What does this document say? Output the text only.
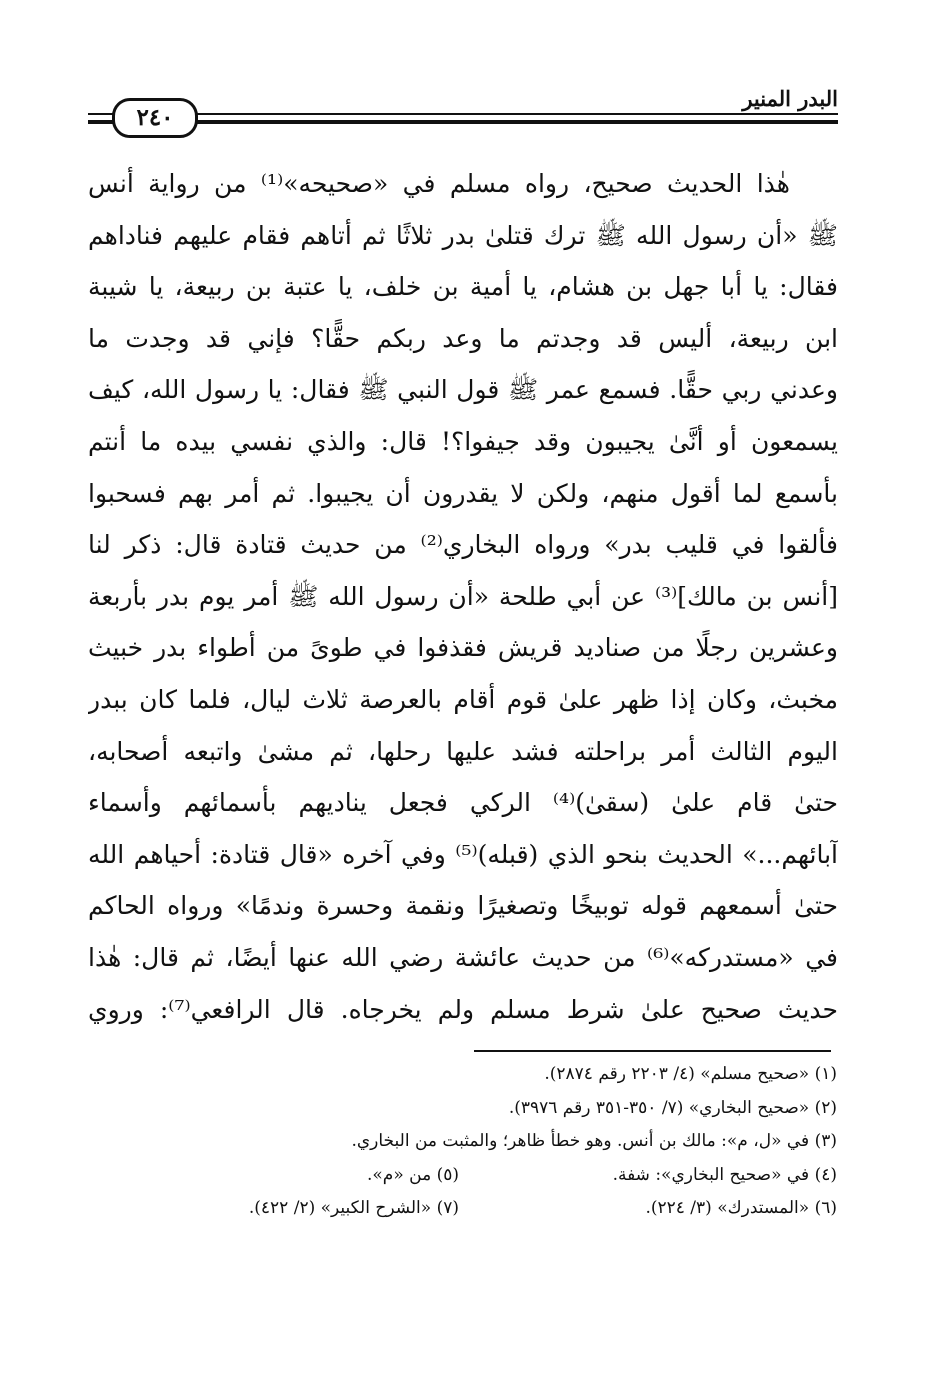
البدر المنير
٢٤٠
هٰذا الحديث صحيح، رواه مسلم في «صحيحه»⁽¹⁾ من رواية أنس
ﷺ «أن رسول الله ﷺ ترك قتلىٰ بدر ثلاثًا ثم أتاهم فقام عليهم فناداهم
فقال: يا أبا جهل بن هشام، يا أمية بن خلف، يا عتبة بن ربيعة، يا شيبة
ابن ربيعة، أليس قد وجدتم ما وعد ربكم حقًّا؟ فإني قد وجدت ما
وعدني ربي حقًّا. فسمع عمر ﷺ قول النبي ﷺ فقال: يا رسول الله، كيف
يسمعون أو أنَّىٰ يجيبون وقد جيفوا؟! قال: والذي نفسي بيده ما أنتم
بأسمع لما أقول منهم، ولكن لا يقدرون أن يجيبوا. ثم أمر بهم فسحبوا
فألقوا في قليب بدر» ورواه البخاري⁽²⁾ من حديث قتادة قال: ذكر لنا
[أنس بن مالك]⁽³⁾ عن أبي طلحة «أن رسول الله ﷺ أمر يوم بدر بأربعة
وعشرين رجلًا من صناديد قريش فقذفوا في طوىً من أطواء بدر خبيث
مخبث، وكان إذا ظهر علىٰ قوم أقام بالعرصة ثلاث ليال، فلما كان ببدر
اليوم الثالث أمر براحلته فشد عليها رحلها، ثم مشىٰ واتبعه أصحابه،
حتىٰ قام علىٰ (سقىٰ)⁽⁴⁾ الركي فجعل يناديهم بأسمائهم وأسماء
آبائهم...» الحديث بنحو الذي (قبله)⁽⁵⁾ وفي آخره «قال قتادة: أحياهم الله
حتىٰ أسمعهم قوله توبيخًا وتصغيرًا ونقمة وحسرة وندمًا» ورواه الحاكم
في «مستدركه»⁽⁶⁾ من حديث عائشة رضي الله عنها أيضًا، ثم قال: هٰذا
حديث صحيح علىٰ شرط مسلم ولم يخرجاه. قال الرافعي⁽⁷⁾: وروي
(١) «صحيح مسلم» (٤/ ٢٢٠٣ رقم ٢٨٧٤).
(٢) «صحيح البخاري» (٧/ ٣٥٠-٣٥١ رقم ٣٩٧٦).
(٣) في «ل، م»: مالك بن أنس. وهو خطأ ظاهر؛ والمثبت من البخاري.
(٤) في «صحيح البخاري»: شفة.(٥) من «م».
(٦) «المستدرك» (٣/ ٢٢٤).(٧) «الشرح الكبير» (٢/ ٤٢٢).
